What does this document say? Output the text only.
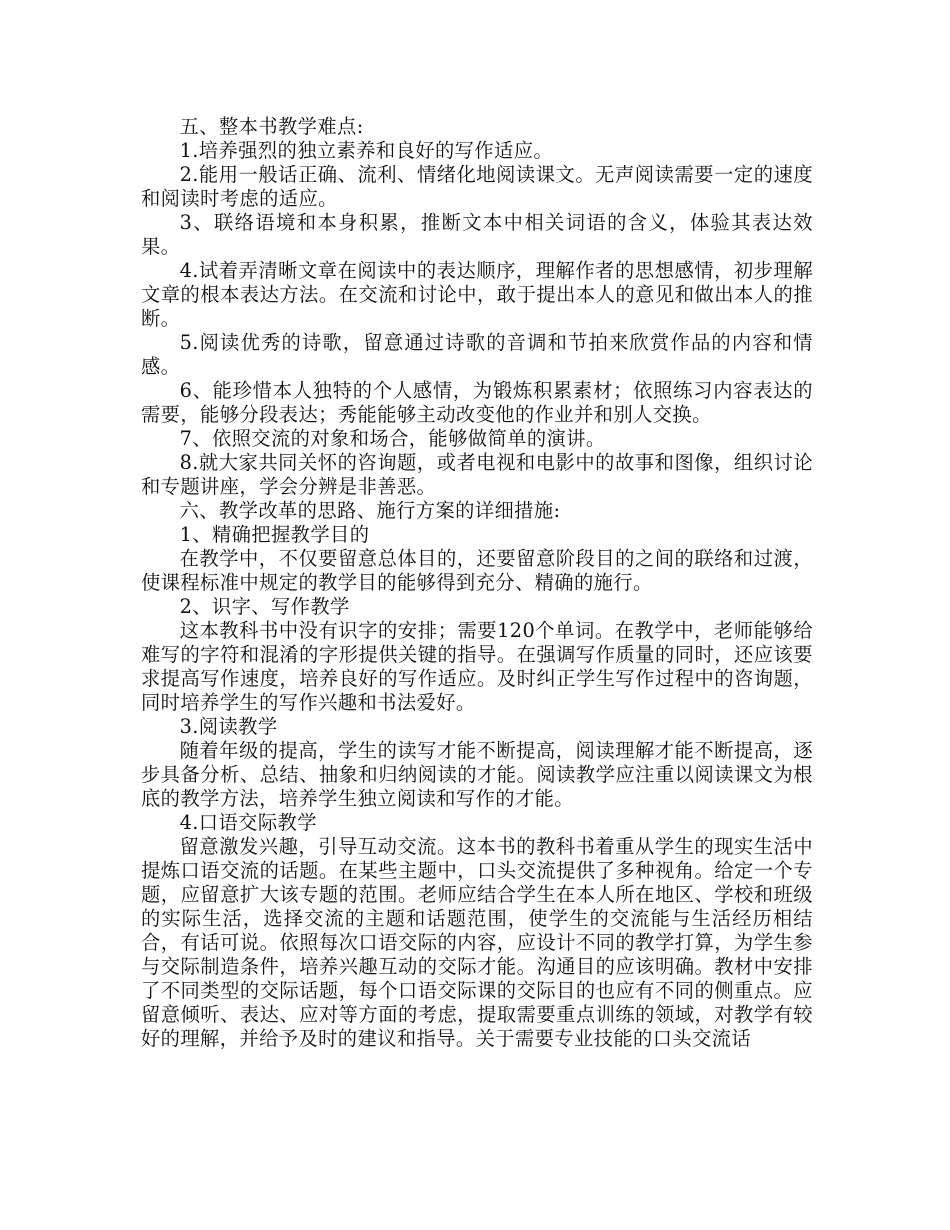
五、整本书教学难点:

1.培养强烈的独立素养和良好的写作适应。

2.能用一般话正确、流利、情绪化地阅读课文。无声阅读需要一定的速度和阅读时考虑的适应。

3、联络语境和本身积累，推断文本中相关词语的含义，体验其表达效果。

4.试着弄清晰文章在阅读中的表达顺序，理解作者的思想感情，初步理解文章的根本表达方法。在交流和讨论中，敢于提出本人的意见和做出本人的推断。

5.阅读优秀的诗歌，留意通过诗歌的音调和节拍来欣赏作品的内容和情感。

6、能珍惜本人独特的个人感情，为锻炼积累素材；依照练习内容表达的需要，能够分段表达；秀能能够主动改变他的作业并和别人交换。

7、依照交流的对象和场合，能够做简单的演讲。

8.就大家共同关怀的咨询题，或者电视和电影中的故事和图像，组织讨论和专题讲座，学会分辨是非善恶。

六、教学改革的思路、施行方案的详细措施:

1、精确把握教学目的

在教学中，不仅要留意总体目的，还要留意阶段目的之间的联络和过渡，使课程标准中规定的教学目的能够得到充分、精确的施行。

2、识字、写作教学

这本教科书中没有识字的安排；需要120个单词。在教学中，老师能够给难写的字符和混淆的字形提供关键的指导。在强调写作质量的同时，还应该要求提高写作速度，培养良好的写作适应。及时纠正学生写作过程中的咨询题，同时培养学生的写作兴趣和书法爱好。

3.阅读教学

随着年级的提高，学生的读写才能不断提高，阅读理解才能不断提高，逐步具备分析、总结、抽象和归纳阅读的才能。阅读教学应注重以阅读课文为根底的教学方法，培养学生独立阅读和写作的才能。

4.口语交际教学

留意激发兴趣，引导互动交流。这本书的教科书着重从学生的现实生活中提炼口语交流的话题。在某些主题中，口头交流提供了多种视角。给定一个专题，应留意扩大该专题的范围。老师应结合学生在本人所在地区、学校和班级的实际生活，选择交流的主题和话题范围，使学生的交流能与生活经历相结合，有话可说。依照每次口语交际的内容，应设计不同的教学打算，为学生参与交际制造条件，培养兴趣互动的交际才能。沟通目的应该明确。教材中安排了不同类型的交际话题，每个口语交际课的交际目的也应有不同的侧重点。应留意倾听、表达、应对等方面的考虑，提取需要重点训练的领域，对教学有较好的理解，并给予及时的建议和指导。关于需要专业技能的口头交流话
